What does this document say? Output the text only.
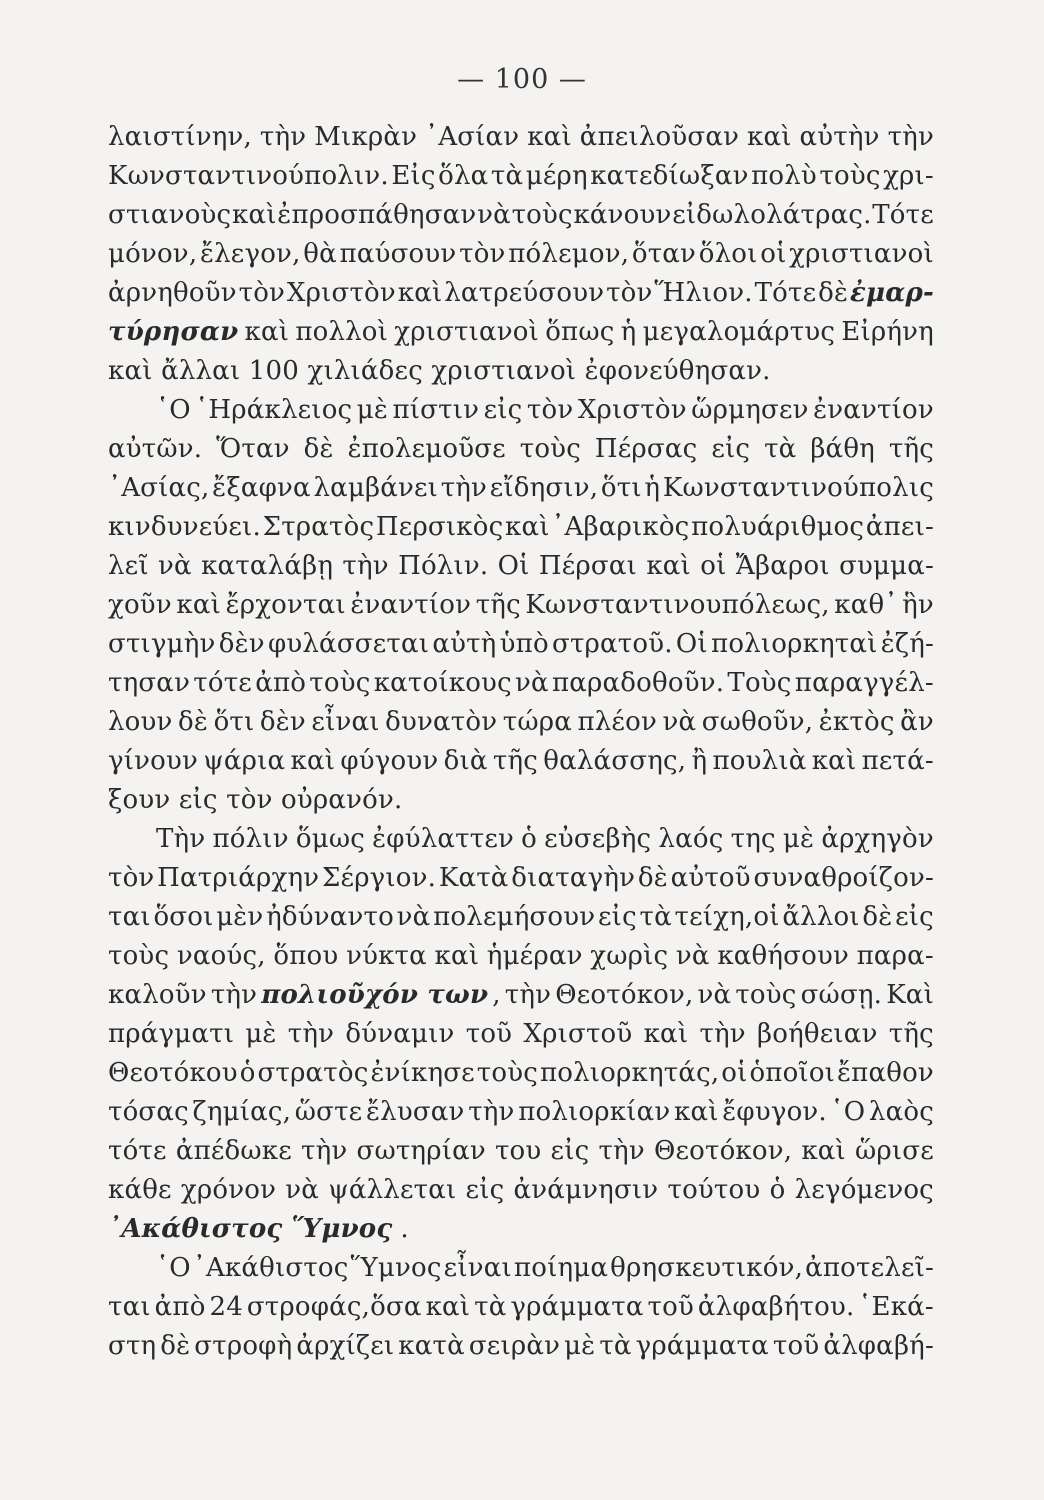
— 100 —
λαιστίνην, τὴν Μικρὰν ᾿Ασίαν καὶ ἀπειλοῦσαν καὶ αὐτὴν τὴν
Κωνσταντινούπολιν. Εἰς ὅλα τὰ μέρη κατεδίωξαν πολὺ τοὺς χρι-
στιανοὺς καὶ ἐπροσπάθησαν νὰ τοὺς κάνουν εἰδωλολάτρας. Τότε
μόνον, ἔλεγον, θὰ παύσουν τὸν πόλεμον, ὅταν ὅλοι οἱ χριστιανοὶ
ἀρνηθοῦν τὸν Χριστὸν καὶ λατρεύσουν τὸν Ἥλιον. Τότε δὲ ἐμαρ-
τύρησαν καὶ πολλοὶ χριστιανοὶ ὅπως ἡ μεγαλομάρτυς Εἰρήνη
καὶ ἄλλαι 100 χιλιάδες χριστιανοὶ ἐφονεύθησαν.
῾Ο ῾Ηράκλειος μὲ πίστιν εἰς τὸν Χριστὸν ὥρμησεν ἐναντίον
αὐτῶν. Ὅταν δὲ ἐπολεμοῦσε τοὺς Πέρσας εἰς τὰ βάθη τῆς
᾿Ασίας, ἔξαφνα λαμβάνει τὴν εἴδησιν, ὅτι ἡ Κωνσταντινούπολις
κινδυνεύει. Στρατὸς Περσικὸς καὶ ᾿Αβαρικὸς πολυάριθμος ἀπει-
λεῖ νὰ καταλάβῃ τὴν Πόλιν. Οἱ Πέρσαι καὶ οἱ Ἄβαροι συμμα-
χοῦν καὶ ἔρχονται ἐναντίον τῆς Κωνσταντινουπόλεως, καθ᾿ ἣν
στιγμὴν δὲν φυλάσσεται αὐτὴ ὑπὸ στρατοῦ. Οἱ πολιορκηταὶ ἐζή-
τησαν τότε ἀπὸ τοὺς κατοίκους νὰ παραδοθοῦν. Τοὺς παραγγέλ-
λουν δὲ ὅτι δὲν εἶναι δυνατὸν τώρα πλέον νὰ σωθοῦν, ἐκτὸς ἂν
γίνουν ψάρια καὶ φύγουν διὰ τῆς θαλάσσης, ἢ πουλιὰ καὶ πετά-
ξουν εἰς τὸν οὐρανόν.
Τὴν πόλιν ὅμως ἐφύλαττεν ὁ εὐσεβὴς λαός της μὲ ἀρχηγὸν
τὸν Πατριάρχην Σέργιον. Κατὰ διαταγὴν δὲ αὐτοῦ συναθροίζον-
ται ὅσοι μὲν ἠδύναντο νὰ πολεμήσουν εἰς τὰ τείχη,οἱ ἄλλοι δὲ εἰς
τοὺς ναούς, ὅπου νύκτα καὶ ἡμέραν χωρὶς νὰ καθήσουν παρα-
καλοῦν τὴν πολιοῦχόν των , τὴν Θεοτόκον, νὰ τοὺς σώσῃ. Καὶ
πράγματι μὲ τὴν δύναμιν τοῦ Χριστοῦ καὶ τὴν βοήθειαν τῆς
Θεοτόκου ὁ στρατὸς ἐνίκησε τοὺς πολιορκητάς, οἱ ὁποῖοι ἔπαθον
τόσας ζημίας, ὥστε ἔλυσαν τὴν πολιορκίαν καὶ ἔφυγον. ῾Ο λαὸς
τότε ἀπέδωκε τὴν σωτηρίαν του εἰς τὴν Θεοτόκον, καὶ ὥρισε
κάθε χρόνον νὰ ψάλλεται εἰς ἀνάμνησιν τούτου ὁ λεγόμενος
᾿Ακάθιστος Ὕμνος .
῾Ο ᾿Ακάθιστος Ὕμνος εἶναι ποίημα θρησκευτικόν, ἀποτελεῖ-
ται ἀπὸ 24 στροφάς,ὅσα καὶ τὰ γράμματα τοῦ ἀλφαβήτου. ῾Εκά-
στη δὲ στροφὴ ἀρχίζει κατὰ σειρὰν μὲ τὰ γράμματα τοῦ ἀλφαβή-
